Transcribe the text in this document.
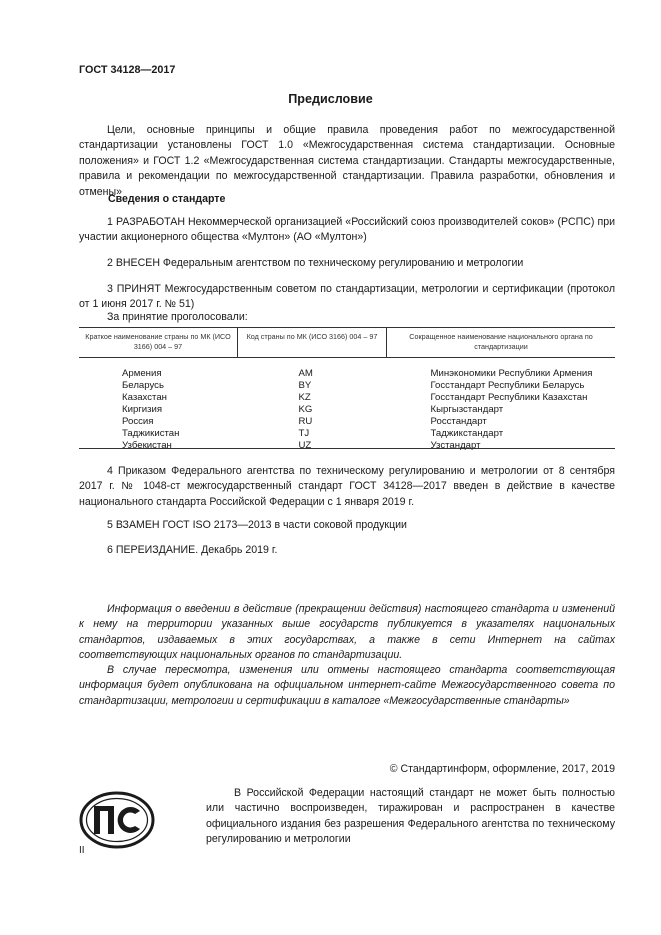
ГОСТ 34128—2017
Предисловие
Цели, основные принципы и общие правила проведения работ по межгосударственной стандартизации установлены ГОСТ 1.0 «Межгосударственная система стандартизации. Основные положения» и ГОСТ 1.2 «Межгосударственная система стандартизации. Стандарты межгосударственные, правила и рекомендации по межгосударственной стандартизации. Правила разработки, обновления и отмены»
Сведения о стандарте
1 РАЗРАБОТАН Некоммерческой организацией «Российский союз производителей соков» (РСПС) при участии акционерного общества «Мултон» (АО «Мултон»)
2 ВНЕСЕН Федеральным агентством по техническому регулированию и метрологии
3 ПРИНЯТ Межгосударственным советом по стандартизации, метрологии и сертификации (протокол от 1 июня 2017 г. № 51)
За принятие проголосовали:
Краткое наименование страны по МК (ИСО 3166) 004 – 97	Код страны по МК (ИСО 3166) 004 – 97	Сокращенное наименование национального органа по стандартизации

Армения	AM	Минэкономики Республики Армения
Беларусь	BY	Госстандарт Республики Беларусь
Казахстан	KZ	Госстандарт Республики Казахстан
Киргизия	KG	Кыргызстандарт
Россия	RU	Росстандарт
Таджикистан	TJ	Таджикстандарт
Узбекистан	UZ	Узстандарт
4 Приказом Федерального агентства по техническому регулированию и метрологии от 8 сентября 2017 г. № 1048-ст межгосударственный стандарт ГОСТ 34128—2017 введен в действие в качестве национального стандарта Российской Федерации с 1 января 2019 г.
5 ВЗАМЕН ГОСТ ISO 2173—2013 в части соковой продукции
6 ПЕРЕИЗДАНИЕ. Декабрь 2019 г.
Информация о введении в действие (прекращении действия) настоящего стандарта и изменений к нему на территории указанных выше государств публикуется в указателях национальных стандартов, издаваемых в этих государствах, а также в сети Интернет на сайтах соответствующих национальных органов по стандартизации.
В случае пересмотра, изменения или отмены настоящего стандарта соответствующая информация будет опубликована на официальном интернет-сайте Межгосударственного совета по стандартизации, метрологии и сертификации в каталоге «Межгосударственные стандарты»
© Стандартинформ, оформление, 2017, 2019
В Российской Федерации настоящий стандарт не может быть полностью или частично воспроизведен, тиражирован и распространен в качестве официального издания без разрешения Федерального агентства по техническому регулированию и метрологии
II
